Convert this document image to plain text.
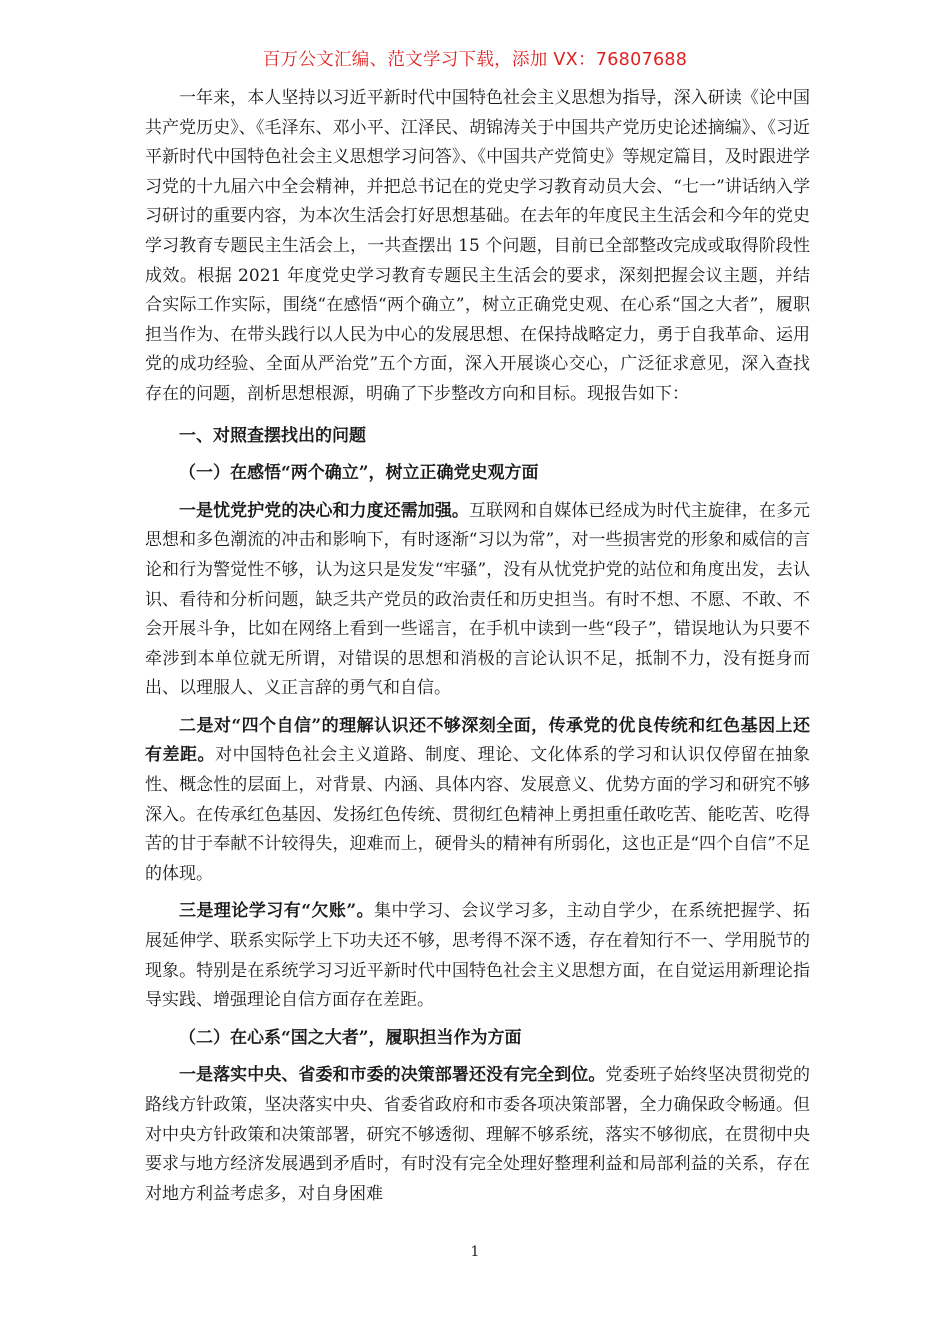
百万公文汇编、范文学习下载，添加 VX：76807688

一年来，本人坚持以习近平新时代中国特色社会主义思想为指导，深入研读《论中国共产党历史》、《毛泽东、邓小平、江泽民、胡锦涛关于中国共产党历史论述摘编》、《习近平新时代中国特色社会主义思想学习问答》、《中国共产党简史》等规定篇目，及时跟进学习党的十九届六中全会精神，并把总书记在的党史学习教育动员大会、“七一”讲话纳入学习研讨的重要内容，为本次生活会打好思想基础。在去年的年度民主生活会和今年的党史学习教育专题民主生活会上，一共查摆出 15 个问题，目前已全部整改完成或取得阶段性成效。根据 2021 年度党史学习教育专题民主生活会的要求，深刻把握会议主题，并结合实际工作实际，围绕“在感悟“两个确立”，树立正确党史观、在心系“国之大者”，履职担当作为、在带头践行以人民为中心的发展思想、在保持战略定力，勇于自我革命、运用党的成功经验、全面从严治党”五个方面，深入开展谈心交心，广泛征求意见，深入查找存在的问题，剖析思想根源，明确了下步整改方向和目标。现报告如下：

一、对照查摆找出的问题

（一）在感悟“两个确立”，树立正确党史观方面

一是忧党护党的决心和力度还需加强。互联网和自媒体已经成为时代主旋律，在多元思想和多色潮流的冲击和影响下，有时逐渐“习以为常”，对一些损害党的形象和威信的言论和行为警觉性不够，认为这只是发发“牢骚”，没有从忧党护党的站位和角度出发，去认识、看待和分析问题，缺乏共产党员的政治责任和历史担当。有时不想、不愿、不敢、不会开展斗争，比如在网络上看到一些谣言，在手机中读到一些“段子”，错误地认为只要不牵涉到本单位就无所谓，对错误的思想和消极的言论认识不足，抵制不力，没有挺身而出、以理服人、义正言辞的勇气和自信。

二是对“四个自信”的理解认识还不够深刻全面，传承党的优良传统和红色基因上还有差距。对中国特色社会主义道路、制度、理论、文化体系的学习和认识仅停留在抽象性、概念性的层面上，对背景、内涵、具体内容、发展意义、优势方面的学习和研究不够深入。在传承红色基因、发扬红色传统、贯彻红色精神上勇担重任敢吃苦、能吃苦、吃得苦的甘于奉献不计较得失，迎难而上，硬骨头的精神有所弱化，这也正是“四个自信”不足的体现。

三是理论学习有“欠账”。集中学习、会议学习多，主动自学少，在系统把握学、拓展延伸学、联系实际学上下功夫还不够，思考得不深不透，存在着知行不一、学用脱节的现象。特别是在系统学习习近平新时代中国特色社会主义思想方面，在自觉运用新理论指导实践、增强理论自信方面存在差距。

（二）在心系“国之大者”，履职担当作为方面

一是落实中央、省委和市委的决策部署还没有完全到位。党委班子始终坚决贯彻党的路线方针政策，坚决落实中央、省委省政府和市委各项决策部署，全力确保政令畅通。但对中央方针政策和决策部署，研究不够透彻、理解不够系统，落实不够彻底，在贯彻中央要求与地方经济发展遇到矛盾时，有时没有完全处理好整理利益和局部利益的关系，存在对地方利益考虑多，对自身困难

1
